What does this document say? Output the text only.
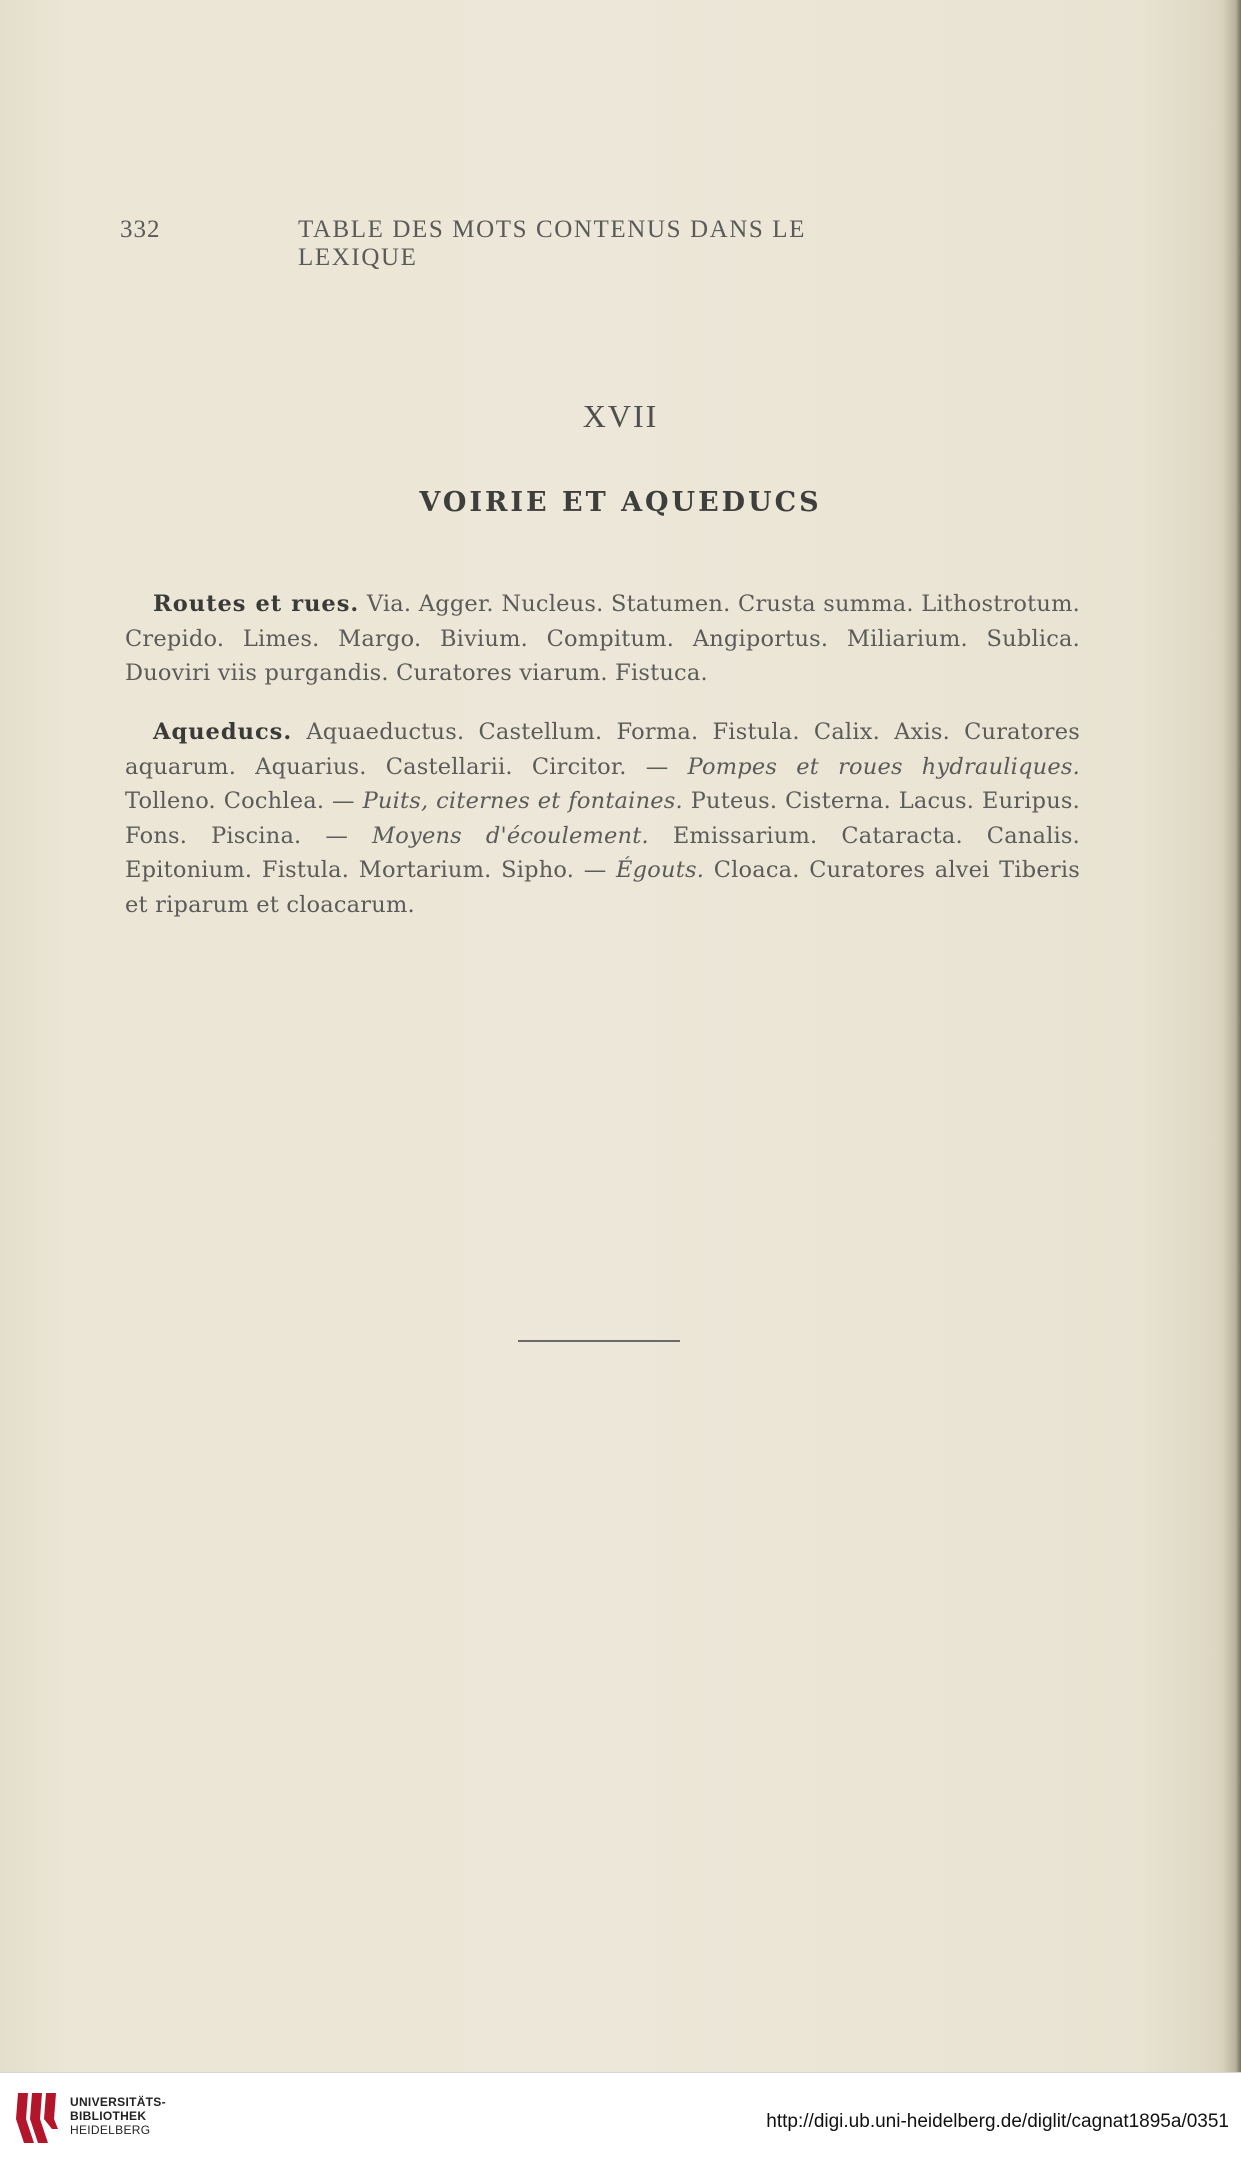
332	TABLE DES MOTS CONTENUS DANS LE LEXIQUE
XVII
VOIRIE ET AQUEDUCS

Routes et rues. Via. Agger. Nucleus. Statumen. Crusta summa. Lithostrotum. Crepido. Limes. Margo. Bivium. Compitum. Angiportus. Miliarium. Sublica. Duoviri viis purgandis. Curatores viarum. Fistuca.

Aqueducs. Aquaeductus. Castellum. Forma. Fistula. Calix. Axis. Curatores aquarum. Aquarius. Castellarii. Circitor. — Pompes et roues hydrauliques. Tolleno. Cochlea. — Puits, citernes et fontaines. Puteus. Cisterna. Lacus. Euripus. Fons. Piscina. — Moyens d'écoulement. Emissarium. Cataracta. Canalis. Epitonium. Fistula. Mortarium. Sipho. — Égouts. Cloaca. Curatores alvei Tiberis et riparum et cloacarum.

UNIVERSITÄTS-
BIBLIOTHEK
HEIDELBERG	http://digi.ub.uni-heidelberg.de/diglit/cagnat1895a/0351
